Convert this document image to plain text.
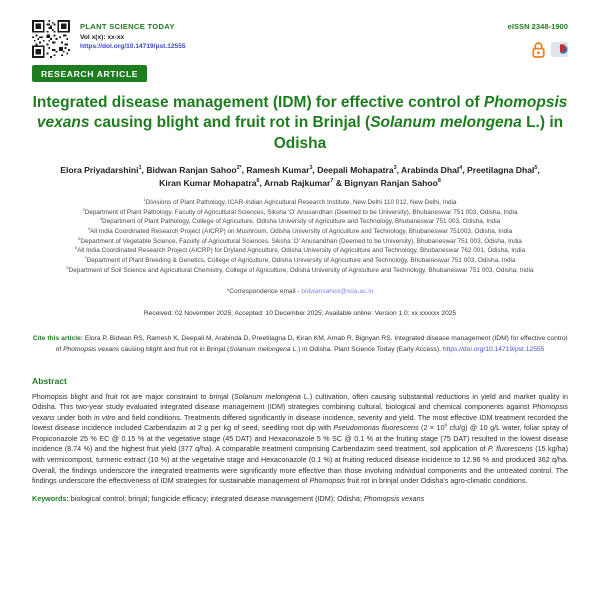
PLANT SCIENCE TODAY
Vol x(x): xx-xx
https://doi.org/10.14719/pst.12555
eISSN 2348-1900
RESEARCH ARTICLE
Integrated disease management (IDM) for effective control of Phomopsis vexans causing blight and fruit rot in Brinjal (Solanum melongena L.) in Odisha
Elora Priyadarshini$^1$, Bidwan Ranjan Sahoo$^{2*}$, Ramesh Kumar$^3$, Deepali Mohapatra$^3$, Arabinda Dhal$^4$, Preetilagna Dhal$^5$, Kiran Kumar Mohapatra$^6$, Arnab Rajkumar$^7$ & Bignyan Ranjan Sahoo$^8$

$^1$Divisions of Plant Pathology, ICAR-Indian Agricultural Research Institute, New Delhi 110 012, New Delhi, India

$^2$Department of Plant Pathology, Faculty of Agricultural Sciences, Siksha 'O' Anusandhan (Deemed to be University), Bhubaneswar 751 003, Odisha, India

$^3$Department of Plant Pathology, College of Agriculture, Odisha University of Agriculture and Technology, Bhubaneswar 751 003, Odisha, India

$^4$All India Coordinated Research Project (AICRP) on Mushroom, Odisha University of Agriculture and Technology, Bhubaneswar 751003, Odisha, India

$^5$Department of Vegetable Science, Faculty of Agricultural Sciences, Siksha 'O' Anusandhan (Deemed to be University), Bhubaneswar 751 003, Odisha, India

$^6$All India Coordinated Research Project (AICRP) for Dryland Agriculture, Odisha University of Agriculture and Technology, Bhubaneswar 762 001, Odisha, India

$^7$Department of Plant Breeding & Genetics, College of Agriculture, Odisha University of Agriculture and Technology, Bhubaneswar 751 003, Odisha, India

$^8$Department of Soil Science and Agricultural Chemistry, College of Agriculture, Odisha University of Agriculture and Technology, Bhubaneswar 751 003, Odisha, India

*Correspondence email - bidwansahoo@soa.ac.in
Received: 02 November 2025; Accepted: 10 December 2025; Available online: Version 1.0: xx xxxxxx 2025
Cite this article: Elora P, Bidwan RS, Ramesh K, Deepali M, Arabinda D, Preetilagna D, Kiran KM, Arnab R, Bignyan RS. Integrated disease management (IDM) for effective control of Phomopsis vexans causing blight and fruit rot in Brinjal (Solanum melongena L.) in Odisha. Plant Science Today (Early Access). https://doi.org/10.14719/pst.12555
Abstract
Phomopsis blight and fruit rot are major constraint to brinjal (Solanum melongena L.) cultivation, often causing substantial reductions in yield and market quality in Odisha. This two-year study evaluated integrated disease management (IDM) strategies combining cultural, biological and chemical components against Phomopsis vexans under both in vitro and field conditions. Treatments differed significantly in disease incidence, severity and yield. The most effective IDM treatment recorded the lowest disease incidence included Carbendazim at 2 g per kg of seed, seedling root dip with Pseudomonas fluorescens ($2 \times 10^8$ cfu/g) @ 10 g/L water, foliar spray of Propiconazole 25 % EC @ 0.15 % at the vegetative stage (45 DAT) and Hexaconazole 5 % SC @ 0.1 % at the fruiting stage (75 DAT) resulted in the lowest disease incidence (8.74 %) and the highest fruit yield (377 q/ha). A comparable treatment comprising Carbendazim seed treatment, soil application of P. fluorescens (15 kg/ha) with vermicompost, turmeric extract (10 %) at the vegetative stage and Hexaconazole (0.1 %) at fruiting reduced disease incidence to 12.96 % and produced 362 q/ha. Overall, the findings underscore the integrated treatments were significantly more effective than those involving individual components and the untreated control. The findings underscore the effectiveness of IDM strategies for sustainable management of Phomopsis fruit rot in brinjal under Odisha's agro-climatic conditions.
Keywords: biological control; brinjal; fungicide efficacy; integrated disease management (IDM); Odisha; Phomopsis vexans
